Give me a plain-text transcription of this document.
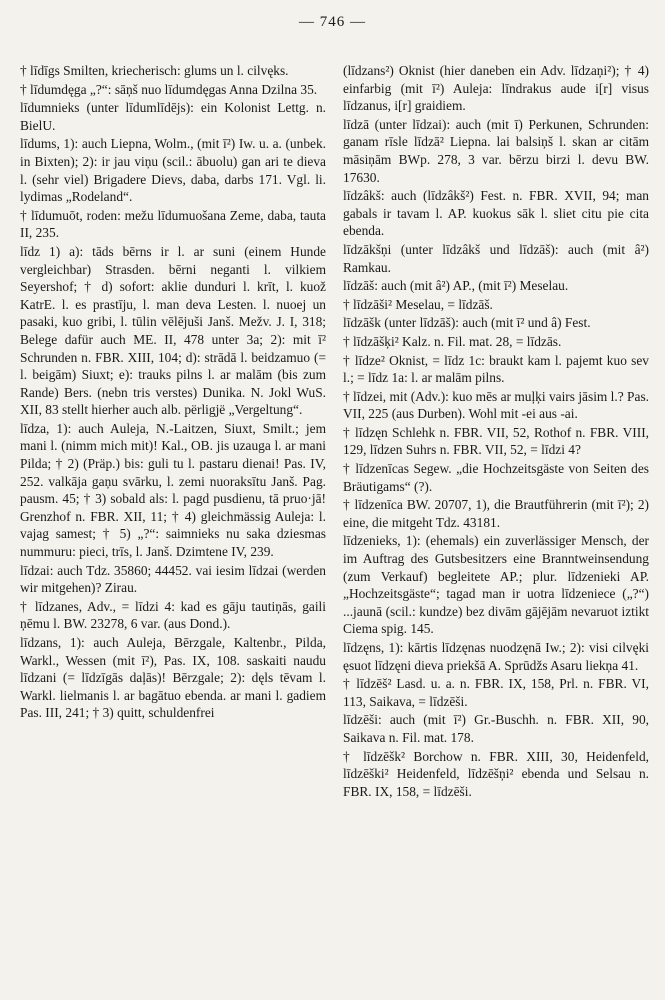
— 746 —

† līdīgs Smilten, kriecherisch: glums un l. cilvęks.

† līdumdęga „?“: sāņš nuo līdumdęgas Anna Dzilna 35.

līdumnieks (unter līdumlīdējs): ein Kolonist Lettg. n. BielU.

līdums, 1): auch Liepna, Wolm., (mit ī²) Iw. u. a. (unbek. in Bixten); 2): ir jau viņu (scil.: ābuolu) gan ari te dieva l. (sehr viel) Brigadere Dievs, daba, darbs 171. Vgl. li. lydimas „Rodeland“.

† līdumuōt, roden: mežu līdumuošana Zeme, daba, tauta II, 235.

līdz 1) a): tāds bērns ir l. ar suni (einem Hunde vergleichbar) Strasden. bērni neganti l. vilkiem Seyershof; † d) sofort: aklie dunduri l. krīt, l. kuož KatrE. l. es prastīju, l. man deva Lesten. l. nuoej un pasaki, kuo gribi, l. tūlin vēlējuši Janš. Mežv. J. I, 318; Belege dafür auch ME. II, 478 unter 3a; 2): mit ī² Schrunden n. FBR. XIII, 104; d): strādā l. beidzamuo (= l. beigām) Siuxt; e): trauks pilns l. ar malām (bis zum Rande) Bers. (nebn tris verstes) Dunika. N. Jokl WuS. XII, 83 stellt hierher auch alb. përligjë „Vergeltung“.

līdza, 1): auch Auleja, N.-Laitzen, Siuxt, Smilt.; jem mani l. (nimm mich mit)! Kal., OB. jis uzauga l. ar mani Pilda; † 2) (Präp.) bis: guli tu l. pastaru dienai! Pas. IV, 252. valkāja gaņu svārku, l. zemi nuoraksītu Janš. Pag. pausm. 45; † 3) sobald als: l. pagd pusdienu, tā pruo·jā! Grenzhof n. FBR. XII, 11; † 4) gleichmässig Auleja: l. vajag samest; † 5) „?“: saimnieks nu saka dziesmas nummuru: pieci, trīs, l. Janš. Dzimtene IV, 239.

līdzai: auch Tdz. 35860; 44452. vai iesim līdzai (werden wir mitgehen)? Zirau.

† līdzanes, Adv., = līdzi 4: kad es gāju tautiņās, gaili ņēmu l. BW. 23278, 6 var. (aus Dond.).

līdzans, 1): auch Auleja, Bērzgale, Kaltenbr., Pilda, Warkl., Wessen (mit ī²), Pas. IX, 108. saskaiti naudu līdzani (= līdzīgās daļās)! Bērzgale; 2): dęls tēvam l. Warkl. lielmanis l. ar bagātuo ebenda. ar mani l. gadiem Pas. III, 241; † 3) quitt, schuldenfrei

(līdzans²) Oknist (hier daneben ein Adv. līdzaņi²); † 4) einfarbig (mit ī²) Auleja: līndrakus aude i[r] visus līdzanus, i[r] graidiem.

līdzā (unter līdzai): auch (mit ī) Perkunen, Schrunden: ganam rīsle līdzā² Liepna. lai balsiņš l. skan ar citām māsiņām BWp. 278, 3 var. bērzu birzi l. devu BW. 17630.

līdzâkš: auch (līdzâkš²) Fest. n. FBR. XVII, 94; man gabals ir tavam l. AP. kuokus sāk l. sliet citu pie cita ebenda.

līdzākšņi (unter līdzâkš und līdzāš): auch (mit â²) Ramkau.

līdzāš: auch (mit â²) AP., (mit ī²) Meselau.

† līdzāši² Meselau, = līdzāš.

līdzāšk (unter līdzāš): auch (mit ī² und â) Fest.

† līdzāšķi² Kalz. n. Fil. mat. 28, = līdzās.

† līdze² Oknist, = līdz 1c: braukt kam l. pajemt kuo sev l.; = līdz 1a: l. ar malām pilns.

† līdzei, mit (Adv.): kuo mēs ar muļķi vairs jāsim l.? Pas. VII, 225 (aus Durben). Wohl mit -ei aus -ai.

† līdzęn Schlehk n. FBR. VII, 52, Rothof n. FBR. VIII, 129, līdzen Suhrs n. FBR. VII, 52, = līdzi 4?

† līdzenīcas Segew. „die Hochzeitsgäste von Seiten des Bräutigams“ (?).

† līdzenīca BW. 20707, 1), die Brautführerin (mit ī²); 2) eine, die mitgeht Tdz. 43181.

līdzenieks, 1): (ehemals) ein zuverlässiger Mensch, der im Auftrag des Gutsbesitzers eine Branntweinsendung (zum Verkauf) begleitete AP.; plur. līdzenieki AP. „Hochzeitsgäste“; tagad man ir uotra līdzeniece („?“) ...jaunā (scil.: kundze) bez divām gājējām nevaruot iztikt Ciema spig. 145.

līdzęns, 1): kārtis līdzęnas nuodzęnā Iw.; 2): visi cilvęki ęsuot līdzęni dieva priekšā A. Sprūdžs Asaru liekņa 41.

† līdzēš² Lasd. u. a. n. FBR. IX, 158, Prl. n. FBR. VI, 113, Saikava, = līdzēši.

līdzēši: auch (mit ī²) Gr.-Buschh. n. FBR. XII, 90, Saikava n. Fil. mat. 178.

† līdzēšk² Borchow n. FBR. XIII, 30, Heidenfeld, līdzēški² Heidenfeld, līdzēšņi² ebenda und Selsau n. FBR. IX, 158, = līdzēši.
